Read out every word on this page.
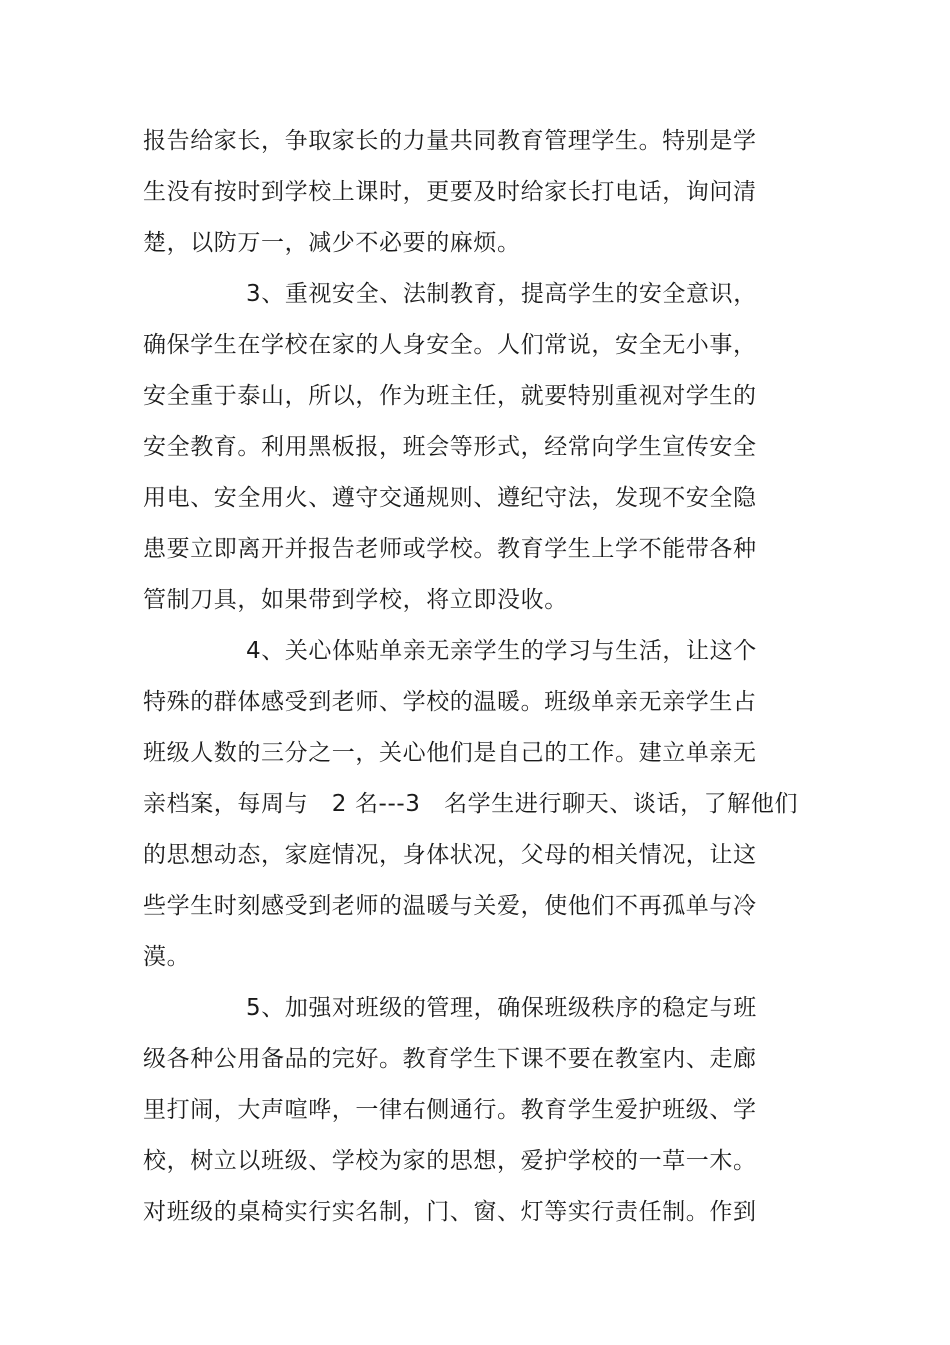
报告给家长，争取家长的力量共同教育管理学生。特别是学
生没有按时到学校上课时，更要及时给家长打电话，询问清
楚，以防万一，减少不必要的麻烦。
3、重视安全、法制教育，提高学生的安全意识，
确保学生在学校在家的人身安全。人们常说，安全无小事，
安全重于泰山，所以，作为班主任，就要特别重视对学生的
安全教育。利用黑板报，班会等形式，经常向学生宣传安全
用电、安全用火、遵守交通规则、遵纪守法，发现不安全隐
患要立即离开并报告老师或学校。教育学生上学不能带各种
管制刀具，如果带到学校，将立即没收。
4、关心体贴单亲无亲学生的学习与生活，让这个
特殊的群体感受到老师、学校的温暖。班级单亲无亲学生占
班级人数的三分之一，关心他们是自己的工作。建立单亲无
亲档案，每周与　2 名---3　名学生进行聊天、谈话，了解他们
的思想动态，家庭情况，身体状况，父母的相关情况，让这
些学生时刻感受到老师的温暖与关爱，使他们不再孤单与冷
漠。
5、加强对班级的管理，确保班级秩序的稳定与班
级各种公用备品的完好。教育学生下课不要在教室内、走廊
里打闹，大声喧哗，一律右侧通行。教育学生爱护班级、学
校，树立以班级、学校为家的思想，爱护学校的一草一木。
对班级的桌椅实行实名制，门、窗、灯等实行责任制。作到
